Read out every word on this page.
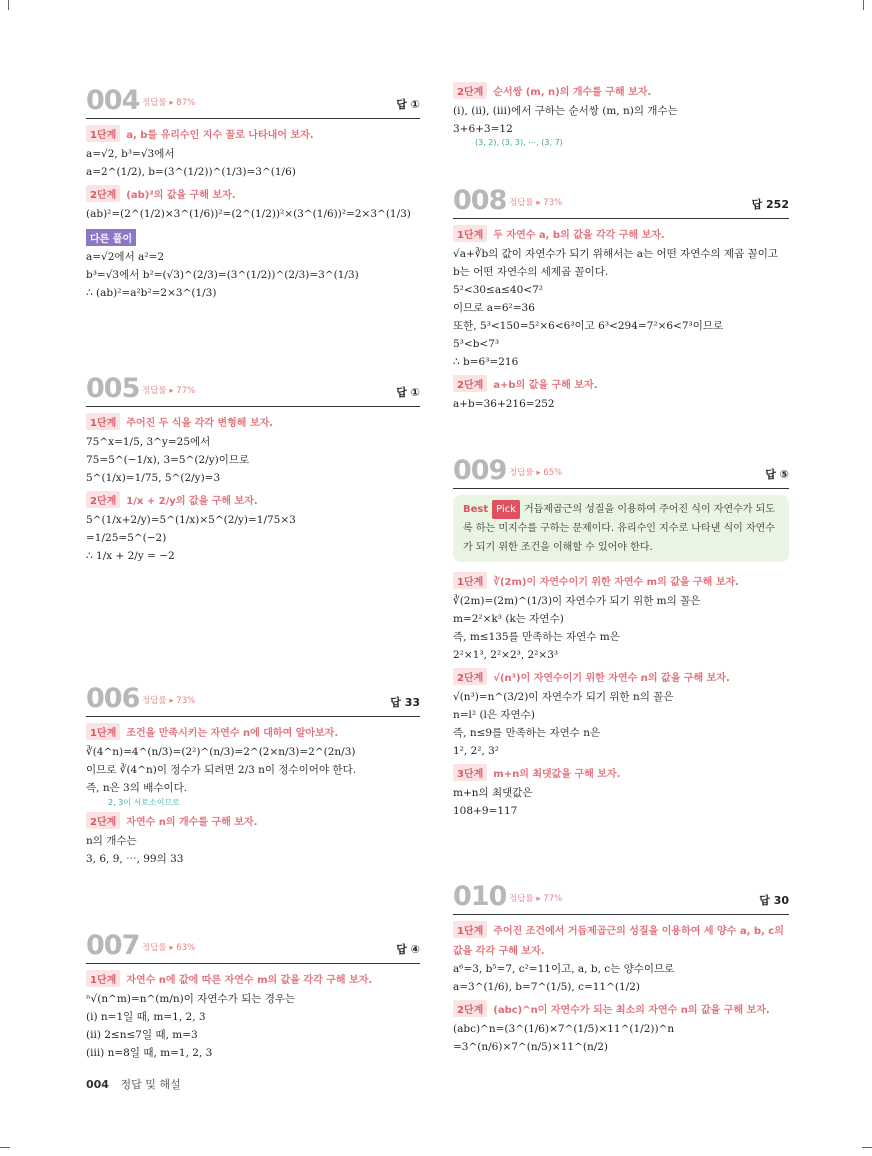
004 정답률 ▸ 87%	답 ①
1단계	a, b를 유리수인 지수 꼴로 나타내어 보자.
a=√2, b³=√3에서
a=2^(1/2), b=(3^(1/2))^(1/3)=3^(1/6)
2단계	(ab)²의 값을 구해 보자.
(ab)²=(2^(1/2)×3^(1/6))²=(2^(1/2))²×(3^(1/6))²=2×3^(1/3)
다른 풀이
a=√2에서 a²=2
b³=√3에서 b²=(√3)^(2/3)=(3^(1/2))^(2/3)=3^(1/3)
∴ (ab)²=a²b²=2×3^(1/3)
005 정답률 ▸ 77%	답 ①
1단계	주어진 두 식을 각각 변형해 보자.
75^x=1/5, 3^y=25에서
75=5^(−1/x), 3=5^(2/y)이므로
5^(1/x)=1/75, 5^(2/y)=3
2단계	1/x + 2/y의 값을 구해 보자.
5^(1/x+2/y)=5^(1/x)×5^(2/y)=1/75×3
=1/25=5^(−2)
∴ 1/x + 2/y = −2
006 정답률 ▸ 73%	답 33
1단계	조건을 만족시키는 자연수 n에 대하여 알아보자.
∛(4^n)=4^(n/3)=(2²)^(n/3)=2^(2×n/3)=2^(2n/3)
이므로 ∛(4^n)이 정수가 되려면 2/3 n이 정수이어야 한다.
즉, n은 3의 배수이다.
2, 3이 서로소이므로
2단계	자연수 n의 개수를 구해 보자.
n의 개수는
3, 6, 9, ⋯, 99의 33
007 정답률 ▸ 63%	답 ④
1단계	자연수 n에 값에 따른 자연수 m의 값을 각각 구해 보자.
ⁿ√(n^m)=n^(m/n)이 자연수가 되는 경우는
(i) n=1일 때, m=1, 2, 3
(ii) 2≤n≤7일 때, m=3
(iii) n=8일 때, m=1, 2, 3
2단계	순서쌍 (m, n)의 개수를 구해 보자.
(i), (ii), (iii)에서 구하는 순서쌍 (m, n)의 개수는
3+6+3=12
(3, 2), (3, 3), ⋯, (3, 7)
008 정답률 ▸ 73%	답 252
1단계	두 자연수 a, b의 값을 각각 구해 보자.
√a+∛b의 값이 자연수가 되기 위해서는 a는 어떤 자연수의 제곱 꼴이고
b는 어떤 자연수의 세제곱 꼴이다.
5²<30≤a≤40<7²
이므로 a=6²=36
또한, 5³<150=5²×6<6³이고 6³<294=7²×6<7³이므로
5³<b<7³
∴ b=6³=216
2단계	a+b의 값을 구해 보자.
a+b=36+216=252
009 정답률 ▸ 65%	답 ⑤
Best Pick 거듭제곱근의 성질을 이용하여 주어진 식이 자연수가 되도록 하는 미지수를 구하는 문제이다. 유리수인 지수로 나타낸 식이 자연수가 되기 위한 조건을 이해할 수 있어야 한다.
1단계	∛(2m)이 자연수이기 위한 자연수 m의 값을 구해 보자.
∛(2m)=(2m)^(1/3)이 자연수가 되기 위한 m의 꼴은
m=2²×k³ (k는 자연수)
즉, m≤135를 만족하는 자연수 m은
2²×1³, 2²×2³, 2²×3³
2단계	√(n³)이 자연수이기 위한 자연수 n의 값을 구해 보자.
√(n³)=n^(3/2)이 자연수가 되기 위한 n의 꼴은
n=l² (l은 자연수)
즉, n≤9를 만족하는 자연수 n은
1², 2², 3²
3단계	m+n의 최댓값을 구해 보자.
m+n의 최댓값은
108+9=117
010 정답률 ▸ 77%	답 30
1단계	주어진 조건에서 거듭제곱근의 성질을 이용하여 세 양수 a, b, c의
값을 각각 구해 보자.
a⁶=3, b⁵=7, c²=11이고, a, b, c는 양수이므로
a=3^(1/6), b=7^(1/5), c=11^(1/2)
2단계	(abc)^n이 자연수가 되는 최소의 자연수 n의 값을 구해 보자.
(abc)^n=(3^(1/6)×7^(1/5)×11^(1/2))^n
=3^(n/6)×7^(n/5)×11^(n/2)
004 정답 및 해설
